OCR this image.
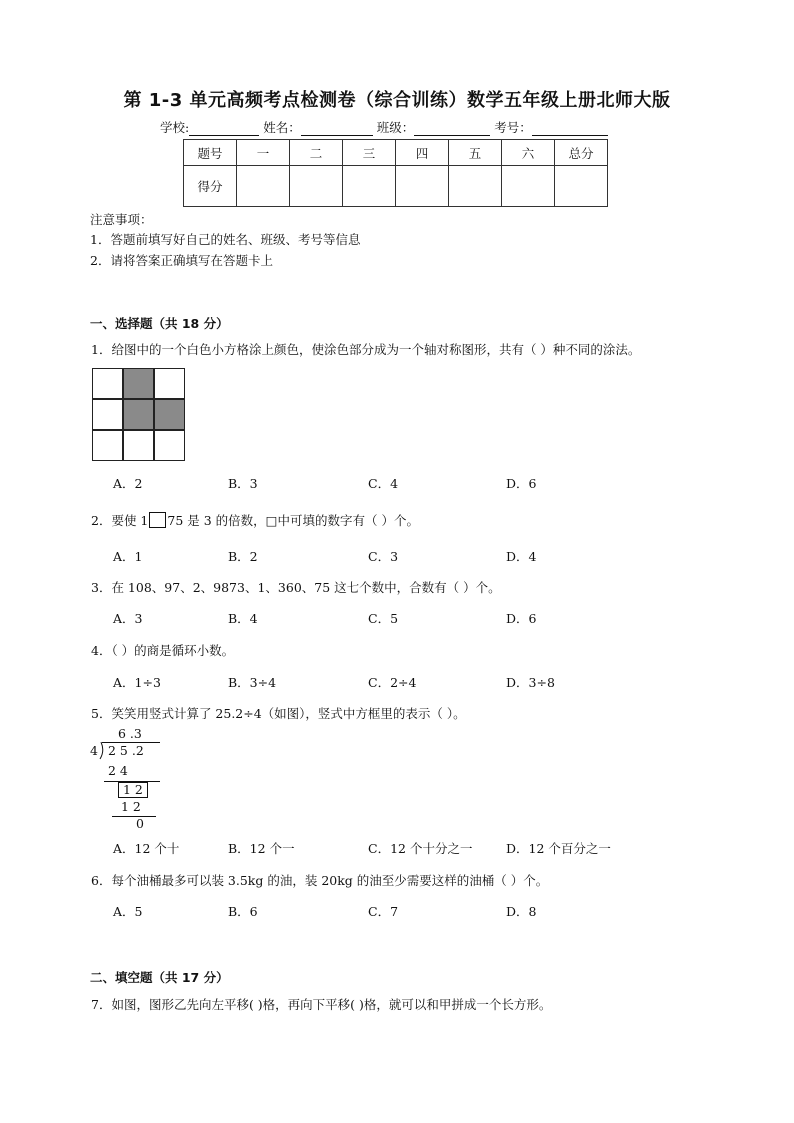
第 1-3 单元高频考点检测卷（综合训练）数学五年级上册北师大版
学校:	姓名：	班级：	考号：
题号	一	二	三	四	五	六	总分
得分							
注意事项：
1．答题前填写好自己的姓名、班级、考号等信息
2．请将答案正确填写在答题卡上
一、选择题（共 18 分）
1．给图中的一个白色小方格涂上颜色，使涂色部分成为一个轴对称图形，共有（ ）种不同的涂法。
A．2	B．3	C．4	D．6
2．要使 1 75 是 3 的倍数，□中可填的数字有（ ）个。
A．1	B．2	C．3	D．4
3．在 108、97、2、9873、1、360、75 这七个数中，合数有（ ）个。
A．3	B．4	C．5	D．6
4．（ ）的商是循环小数。
A．1÷3	B．3÷4	C．2÷4	D．3÷8
5．笑笑用竖式计算了 25.2÷4（如图），竖式中方框里的表示（ ）。
6 .3
4 2 5 .2
2 4
1 2
1 2
0
A．12 个十	B．12 个一	C．12 个十分之一	D．12 个百分之一
6．每个油桶最多可以装 3.5kg 的油，装 20kg 的油至少需要这样的油桶（ ）个。
A．5	B．6	C．7	D．8
二、填空题（共 17 分）
7．如图，图形乙先向左平移( )格，再向下平移( )格，就可以和甲拼成一个长方形。
